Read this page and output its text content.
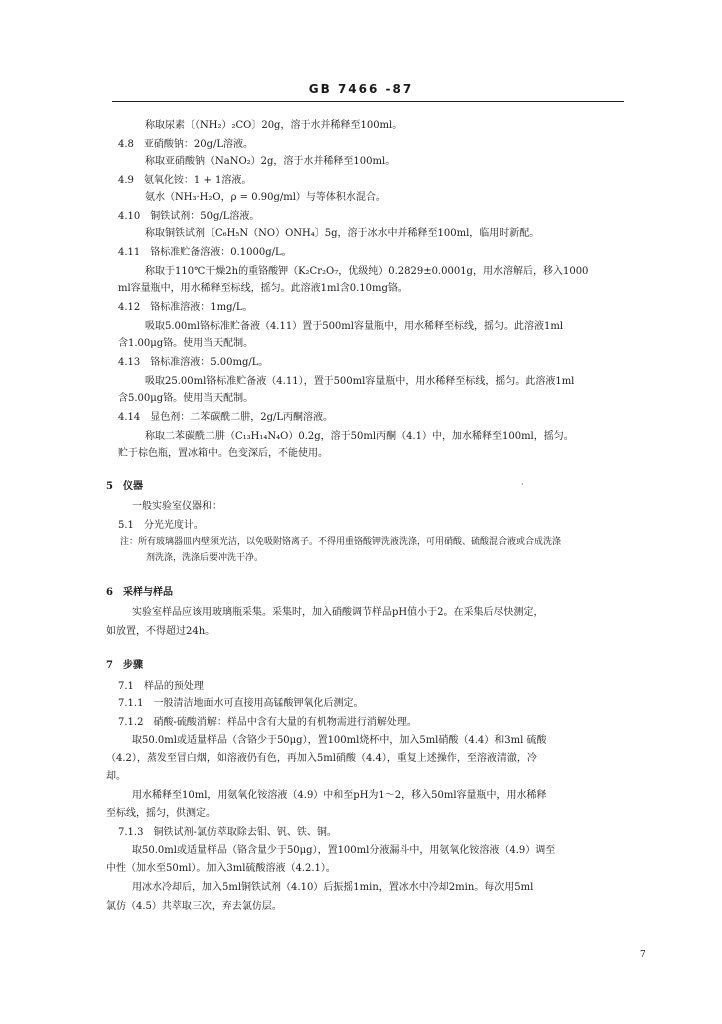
GB 7466 -87
称取尿素〔（NH₂）₂CO〕20g，溶于水并稀释至100ml。
4.8　亚硝酸钠：20g/L溶液。
称取亚硝酸钠（NaNO₂）2g，溶于水并稀释至100ml。
4.9　氨氧化铵：1 + 1溶液。
氨水（NH₃·H₂O，ρ = 0.90g/ml）与等体积水混合。
4.10　铜铁试剂：50g/L溶液。
称取铜铁试剂〔C₆H₅N（NO）ONH₄〕5g，溶于冰水中并稀释至100ml，临用时新配。
4.11　铬标准贮备溶液：0.1000g/L。
称取于110℃干燥2h的重铬酸钾（K₂Cr₂O₇，优级纯）0.2829±0.0001g，用水溶解后，移入1000
ml容量瓶中，用水稀释至标线，摇匀。此溶液1ml含0.10mg铬。
4.12　铬标准溶液：1mg/L。
吸取5.00ml铬标准贮备液（4.11）置于500ml容量瓶中，用水稀释至标线，摇匀。此溶液1ml
含1.00μg铬。使用当天配制。
4.13　铬标准溶液：5.00mg/L。
吸取25.00ml铬标准贮备液（4.11），置于500ml容量瓶中，用水稀释至标线，摇匀。此溶液1ml
含5.00μg铬。使用当天配制。
4.14　显色剂：二苯碳酰二肼，2g/L丙酮溶液。
称取二苯碳酰二肼（C₁₃H₁₄N₄O）0.2g，溶于50ml丙酮（4.1）中，加水稀释至100ml，摇匀。
贮于棕色瓶，置冰箱中。色变深后，不能使用。
5　仪器
一般实验室仪器和：
5.1　分光光度计。
注：所有玻璃器皿内壁须光洁，以免吸附铬离子。不得用重铬酸钾洗液洗涤，可用硝酸、硫酸混合液或合成洗涤
剂洗涤，洗涤后要冲洗干净。
6　采样与样品
实验室样品应该用玻璃瓶采集。采集时，加入硝酸调节样品pH值小于2。在采集后尽快测定，
如放置，不得超过24h。
7　步骤
7.1　样品的预处理
7.1.1　一般清洁地面水可直接用高锰酸钾氧化后测定。
7.1.2　硝酸-硫酸消解：样品中含有大量的有机物需进行消解处理。
取50.0ml或适量样品（含铬少于50μg），置100ml烧杯中，加入5ml硝酸（4.4）和3ml 硫酸
（4.2），蒸发至冒白烟，如溶液仍有色，再加入5ml硝酸（4.4），重复上述操作，至溶液清澈，冷
却。
用水稀释至10ml，用氨氧化铵溶液（4.9）中和至pH为1～2，移入50ml容量瓶中，用水稀释
至标线，摇匀，供测定。
7.1.3　铜铁试剂-氯仿萃取除去钼、钒、铁、铜。
取50.0ml或适量样品（铬含量少于50μg），置100ml分液漏斗中，用氨氧化铵溶液（4.9）调至
中性（加水至50ml）。加入3ml硫酸溶液（4.2.1）。
用冰水冷却后，加入5ml铜铁试剂（4.10）后振摇1min，置冰水中冷却2min。每次用5ml
氯仿（4.5）共萃取三次，弃去氯仿层。
·
7
